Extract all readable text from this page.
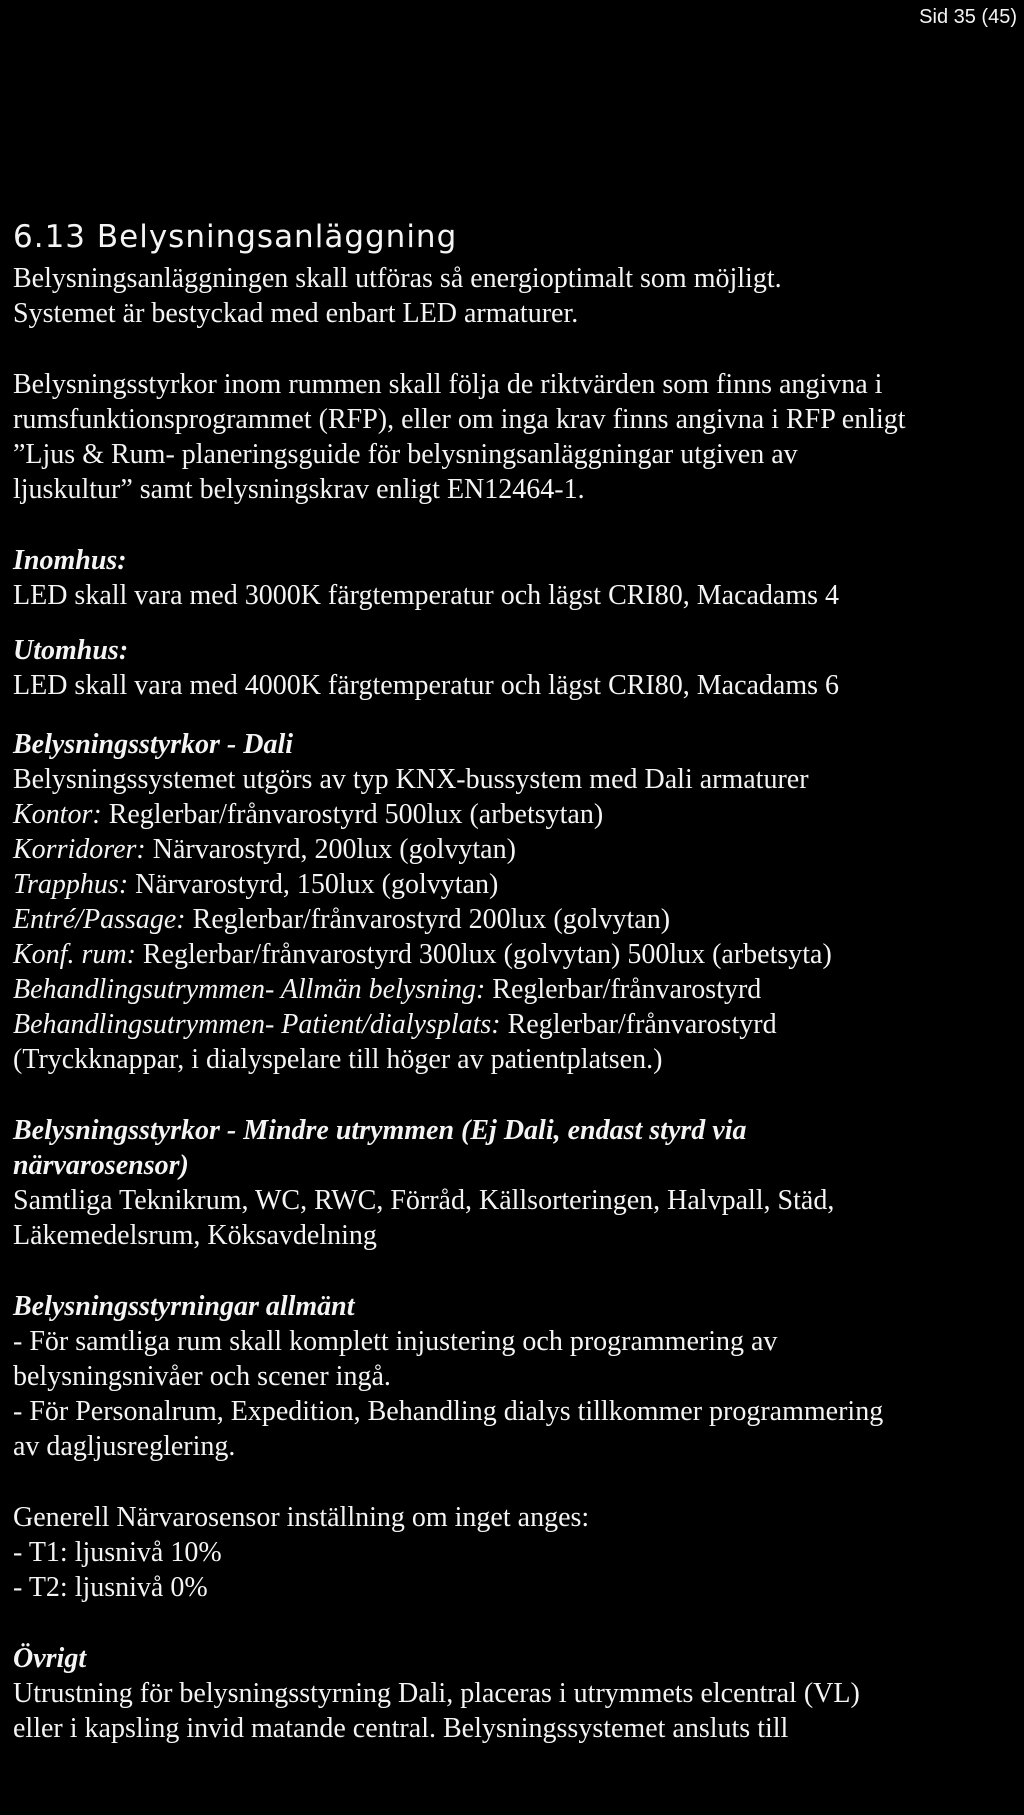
Sid 35 (45)
6.13 Belysningsanläggning

Belysningsanläggningen skall utföras så energioptimalt som möjligt.

Systemet är bestyckad med enbart LED armaturer.

Belysningsstyrkor inom rummen skall följa de riktvärden som finns angivna i

rumsfunktionsprogrammet (RFP), eller om inga krav finns angivna i RFP enligt

”Ljus & Rum- planeringsguide för belysningsanläggningar utgiven av

ljuskultur” samt belysningskrav enligt EN12464-1.

Inomhus:

LED skall vara med 3000K färgtemperatur och lägst CRI80, Macadams 4

Utomhus:

LED skall vara med 4000K färgtemperatur och lägst CRI80, Macadams 6

Belysningsstyrkor - Dali

Belysningssystemet utgörs av typ KNX-bussystem med Dali armaturer

Kontor: Reglerbar/frånvarostyrd 500lux (arbetsytan)

Korridorer: Närvarostyrd, 200lux (golvytan)

Trapphus: Närvarostyrd, 150lux (golvytan)

Entré/Passage: Reglerbar/frånvarostyrd 200lux (golvytan)

Konf. rum: Reglerbar/frånvarostyrd 300lux (golvytan) 500lux (arbetsyta)

Behandlingsutrymmen- Allmän belysning: Reglerbar/frånvarostyrd

Behandlingsutrymmen- Patient/dialysplats: Reglerbar/frånvarostyrd

(Tryckknappar, i dialyspelare till höger av patientplatsen.)

Belysningsstyrkor - Mindre utrymmen (Ej Dali, endast styrd via

närvarosensor)

Samtliga Teknikrum, WC, RWC, Förråd, Källsorteringen, Halvpall, Städ,

Läkemedelsrum, Köksavdelning

Belysningsstyrningar allmänt

- För samtliga rum skall komplett injustering och programmering av

belysningsnivåer och scener ingå.

- För Personalrum, Expedition, Behandling dialys tillkommer programmering

av dagljusreglering.

Generell Närvarosensor inställning om inget anges:

- T1: ljusnivå 10%

- T2: ljusnivå 0%

Övrigt

Utrustning för belysningsstyrning Dali, placeras i utrymmets elcentral (VL)

eller i kapsling invid matande central. Belysningssystemet ansluts till
